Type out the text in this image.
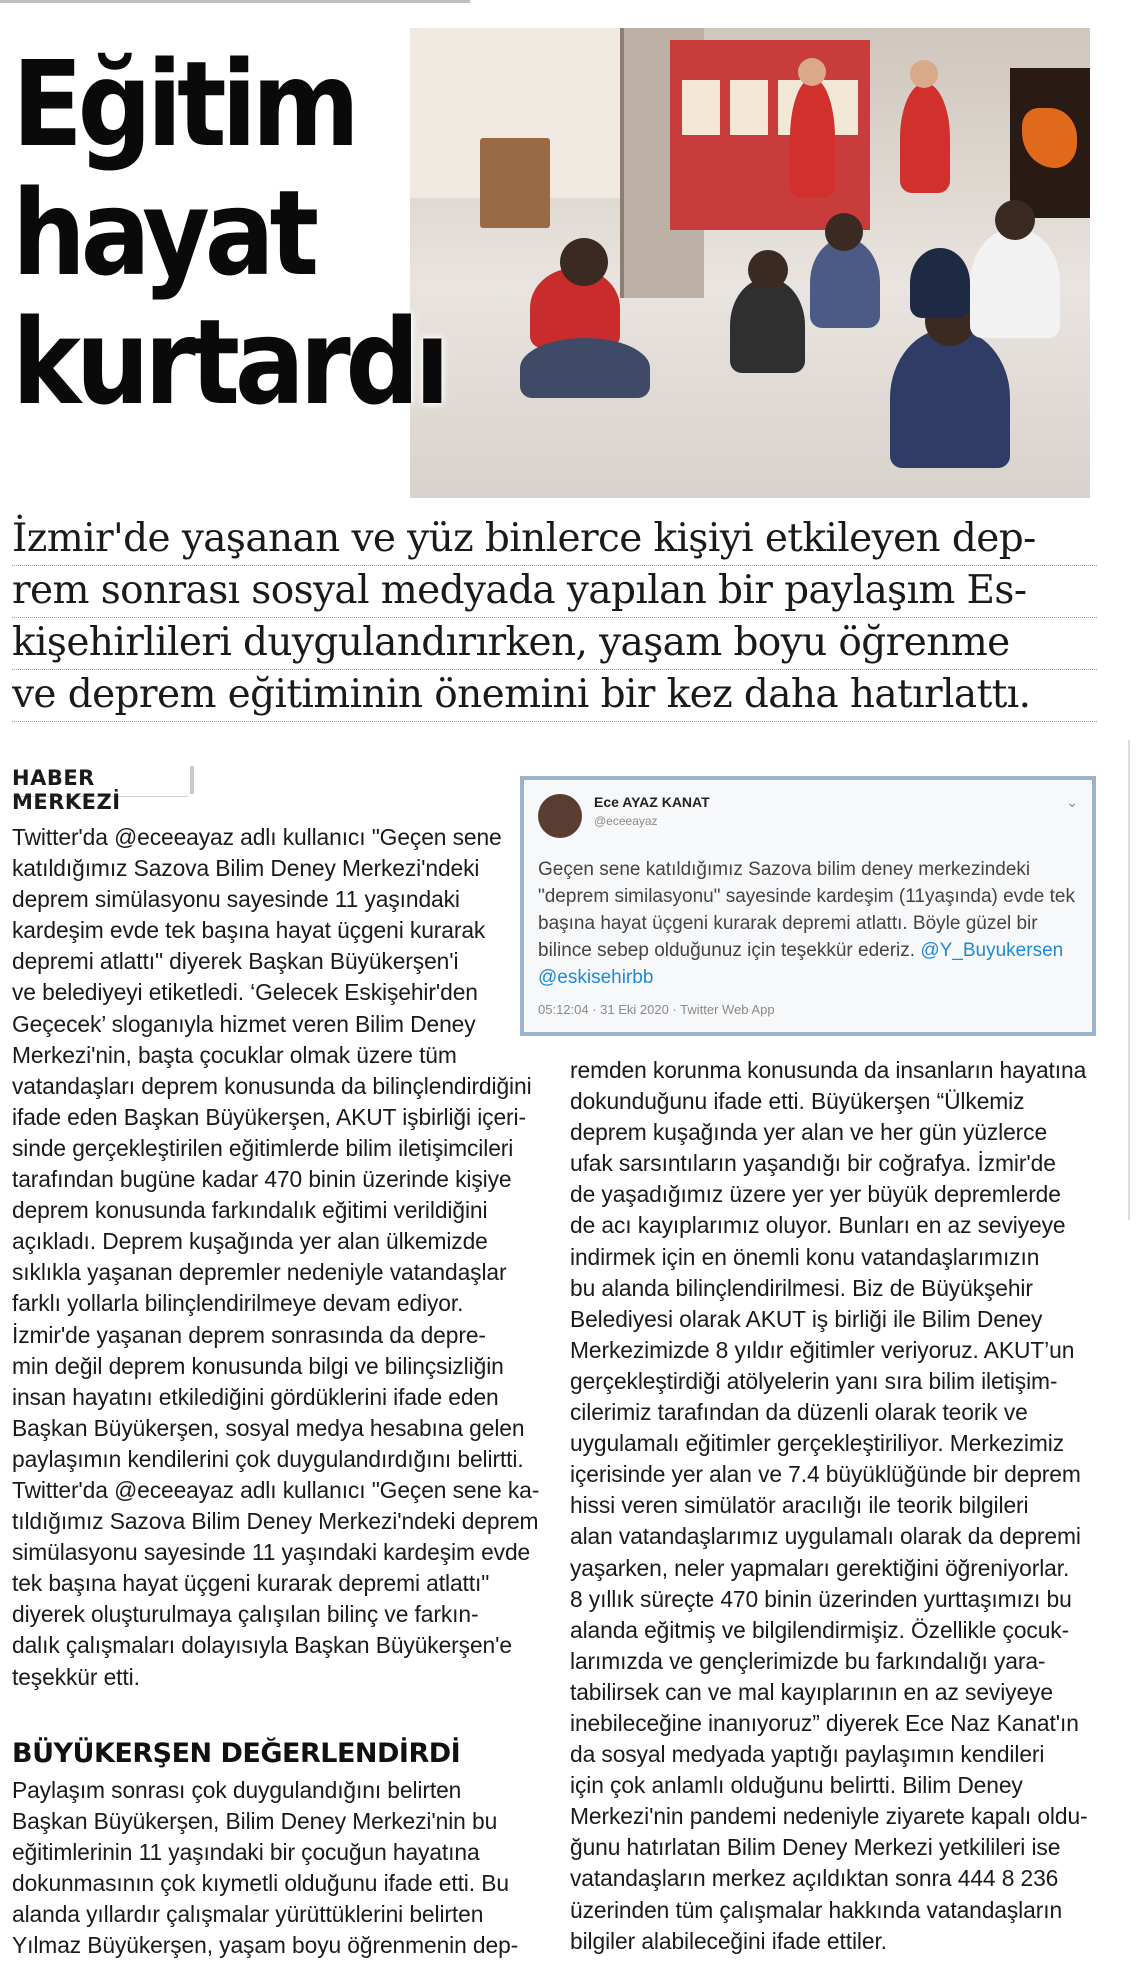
Eğitim
hayat
kurtardı
İzmir'de yaşanan ve yüz binlerce kişiyi etkileyen dep-
rem sonrası sosyal medyada yapılan bir paylaşım Es-
kişehirlileri duygulandırırken, yaşam boyu öğrenme
ve deprem eğitiminin önemini bir kez daha hatırlattı.
HABER MERKEZİ	Ece AYAZ KANAT
@eceeayaz
⌄
Geçen sene katıldığımız Sazova bilim deney merkezindeki "deprem similasyonu" sayesinde kardeşim (11yaşında) evde tek başına hayat üçgeni kurarak depremi atlattı. Böyle güzel bir bilince sebep olduğunuz için teşekkür ederiz. @Y_Buyukersen @eskisehirbb
05:12:04 · 31 Eki 2020 · Twitter Web App
Twitter'da @eceeayaz adlı kullanıcı "Geçen sene
katıldığımız Sazova Bilim Deney Merkezi'ndeki
deprem simülasyonu sayesinde 11 yaşındaki
kardeşim evde tek başına hayat üçgeni kurarak
depremi atlattı" diyerek Başkan Büyükerşen'i
ve belediyeyi etiketledi. ‘Gelecek Eskişehir'den
Geçecek’ sloganıyla hizmet veren Bilim Deney
Merkezi'nin, başta çocuklar olmak üzere tüm
vatandaşları deprem konusunda da bilinçlendirdiğini
ifade eden Başkan Büyükerşen, AKUT işbirliği içeri-
sinde gerçekleştirilen eğitimlerde bilim iletişimcileri
tarafından bugüne kadar 470 binin üzerinde kişiye
deprem konusunda farkındalık eğitimi verildiğini
açıkladı. Deprem kuşağında yer alan ülkemizde
sıklıkla yaşanan depremler nedeniyle vatandaşlar
farklı yollarla bilinçlendirilmeye devam ediyor.
İzmir'de yaşanan deprem sonrasında da depre-
min değil deprem konusunda bilgi ve bilinçsizliğin
insan hayatını etkilediğini gördüklerini ifade eden
Başkan Büyükerşen, sosyal medya hesabına gelen
paylaşımın kendilerini çok duygulandırdığını belirtti.
Twitter'da @eceeayaz adlı kullanıcı "Geçen sene ka-
tıldığımız Sazova Bilim Deney Merkezi'ndeki deprem
simülasyonu sayesinde 11 yaşındaki kardeşim evde
tek başına hayat üçgeni kurarak depremi atlattı"
diyerek oluşturulmaya çalışılan bilinç ve farkın-
dalık çalışmaları dolayısıyla Başkan Büyükerşen'e
teşekkür etti.
BÜYÜKERŞEN DEĞERLENDİRDİ
Paylaşım sonrası çok duygulandığını belirten
Başkan Büyükerşen, Bilim Deney Merkezi'nin bu
eğitimlerinin 11 yaşındaki bir çocuğun hayatına
dokunmasının çok kıymetli olduğunu ifade etti. Bu
alanda yıllardır çalışmalar yürüttüklerini belirten
Yılmaz Büyükerşen, yaşam boyu öğrenmenin dep-
remden korunma konusunda da insanların hayatına
dokunduğunu ifade etti. Büyükerşen “Ülkemiz
deprem kuşağında yer alan ve her gün yüzlerce
ufak sarsıntıların yaşandığı bir coğrafya. İzmir'de
de yaşadığımız üzere yer yer büyük depremlerde
de acı kayıplarımız oluyor. Bunları en az seviyeye
indirmek için en önemli konu vatandaşlarımızın
bu alanda bilinçlendirilmesi. Biz de Büyükşehir
Belediyesi olarak AKUT iş birliği ile Bilim Deney
Merkezimizde 8 yıldır eğitimler veriyoruz. AKUT’un
gerçekleştirdiği atölyelerin yanı sıra bilim iletişim-
cilerimiz tarafından da düzenli olarak teorik ve
uygulamalı eğitimler gerçekleştiriliyor. Merkezimiz
içerisinde yer alan ve 7.4 büyüklüğünde bir deprem
hissi veren simülatör aracılığı ile teorik bilgileri
alan vatandaşlarımız uygulamalı olarak da depremi
yaşarken, neler yapmaları gerektiğini öğreniyorlar.
8 yıllık süreçte 470 binin üzerinden yurttaşımızı bu
alanda eğitmiş ve bilgilendirmişiz. Özellikle çocuk-
larımızda ve gençlerimizde bu farkındalığı yara-
tabilirsek can ve mal kayıplarının en az seviyeye
inebileceğine inanıyoruz” diyerek Ece Naz Kanat'ın
da sosyal medyada yaptığı paylaşımın kendileri
için çok anlamlı olduğunu belirtti. Bilim Deney
Merkezi'nin pandemi nedeniyle ziyarete kapalı oldu-
ğunu hatırlatan Bilim Deney Merkezi yetkilileri ise
vatandaşların merkez açıldıktan sonra 444 8 236
üzerinden tüm çalışmalar hakkında vatandaşların
bilgiler alabileceğini ifade ettiler.
